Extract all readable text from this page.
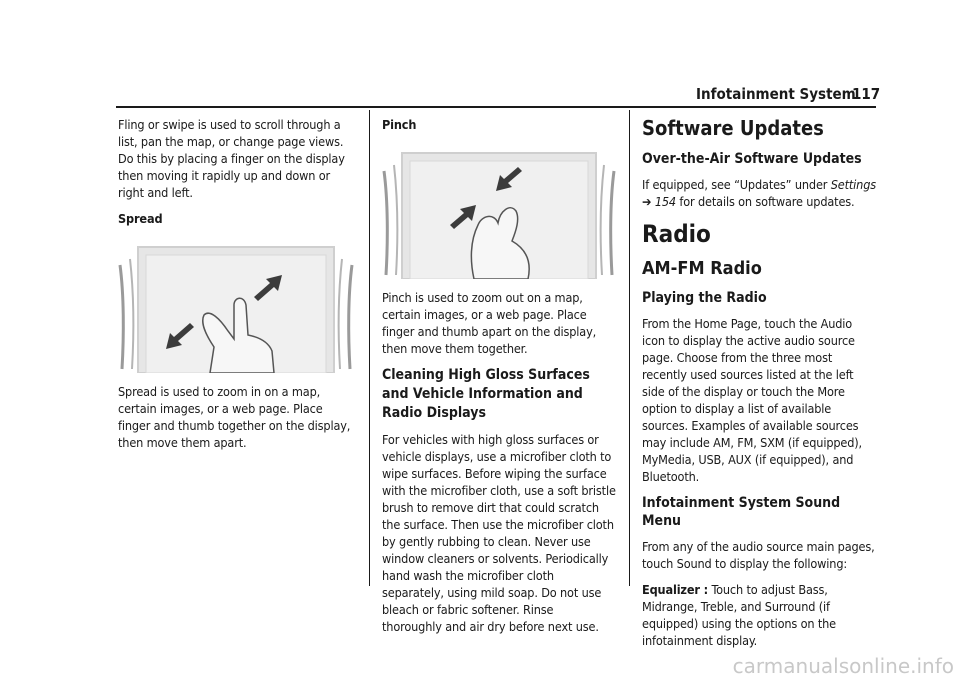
Infotainment System
117

Fling or swipe is used to scroll through a list, pan the map, or change page views. Do this by placing a finger on the display then moving it rapidly up and down or right and left.

Spread

Spread is used to zoom in on a map, certain images, or a web page. Place finger and thumb together on the display, then move them apart.

Pinch

Pinch is used to zoom out on a map, certain images, or a web page. Place finger and thumb apart on the display, then move them together.

Cleaning High Gloss Surfaces and Vehicle Information and Radio Displays

For vehicles with high gloss surfaces or vehicle displays, use a microfiber cloth to wipe surfaces. Before wiping the surface with the microfiber cloth, use a soft bristle brush to remove dirt that could scratch the surface. Then use the microfiber cloth by gently rubbing to clean. Never use window cleaners or solvents. Periodically hand wash the microfiber cloth separately, using mild soap. Do not use bleach or fabric softener. Rinse thoroughly and air dry before next use.

Software Updates
Over-the-Air Software Updates

If equipped, see “Updates” under Settings
➔ 154 for details on software updates.

Radio
AM-FM Radio
Playing the Radio

From the Home Page, touch the Audio icon to display the active audio source page. Choose from the three most recently used sources listed at the left side of the display or touch the More option to display a list of available sources. Examples of available sources may include AM, FM, SXM (if equipped), MyMedia, USB, AUX (if equipped), and Bluetooth.

Infotainment System Sound Menu

From any of the audio source main pages, touch Sound to display the following:

Equalizer : Touch to adjust Bass, Midrange, Treble, and Surround (if equipped) using the options on the infotainment display.

carmanualsonline.info
